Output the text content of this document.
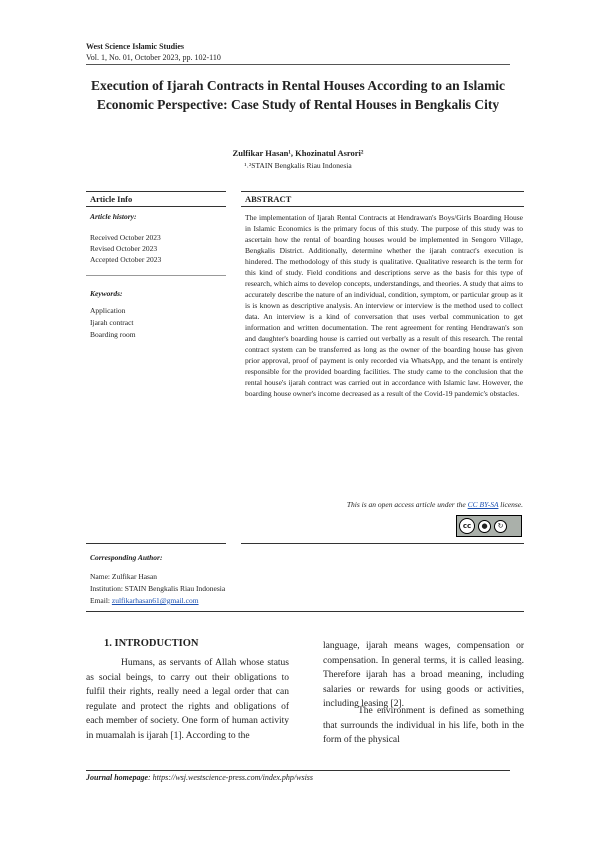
West Science Islamic Studies
Vol. 1, No. 01, October 2023, pp. 102-110
Execution of Ijarah Contracts in Rental Houses According to an Islamic Economic Perspective: Case Study of Rental Houses in Bengkalis City
Zulfikar Hasan¹, Khozinatul Asrori²
¹˒²STAIN Bengkalis Riau Indonesia
Article Info
Article history:
Received October 2023
Revised October 2023
Accepted October 2023
Keywords:
Application
Ijarah contract
Boarding room
ABSTRACT
The implementation of Ijarah Rental Contracts at Hendrawan's Boys/Girls Boarding House in Islamic Economics is the primary focus of this study. The purpose of this study was to ascertain how the rental of boarding houses would be implemented in Sengoro Village, Bengkalis District. Additionally, determine whether the ijarah contract's execution is hindered. The methodology of this study is qualitative. Qualitative research is the term for this kind of study. Field conditions and descriptions serve as the basis for this type of research, which aims to develop concepts, understandings, and theories. A study that aims to accurately describe the nature of an individual, condition, symptom, or particular group as it is is known as descriptive analysis. An interview or interview is the method used to collect data. An interview is a kind of conversation that uses verbal communication to get information and written documentation. The rent agreement for renting Hendrawan's son and daughter's boarding house is carried out verbally as a result of this research. The rental contract system can be transferred as long as the owner of the boarding house has given prior approval, proof of payment is only recorded via WhatsApp, and the tenant is entirely responsible for the provided boarding facilities. The study came to the conclusion that the rental house's ijarah contract was carried out in accordance with Islamic law. However, the boarding house owner's income decreased as a result of the Covid-19 pandemic's obstacles.
This is an open access article under the CC BY-SA license.
cc	●	↻
Corresponding Author:
Name: Zulfikar Hasan
Institution: STAIN Bengkalis Riau Indonesia
Email: zulfikarhasan61@gmail.com
1. INTRODUCTION
Humans, as servants of Allah whose status as social beings, to carry out their obligations to fulfil their rights, really need a legal order that can regulate and protect the rights and obligations of each member of society. One form of human activity in muamalah is ijarah [1]. According to the
language, ijarah means wages, compensation or compensation. In general terms, it is called leasing. Therefore ijarah has a broad meaning, including salaries or rewards for using goods or activities, including leasing [2].
The environment is defined as something that surrounds the individual in his life, both in the form of the physical
Journal homepage: https://wsj.westscience-press.com/index.php/wsiss
